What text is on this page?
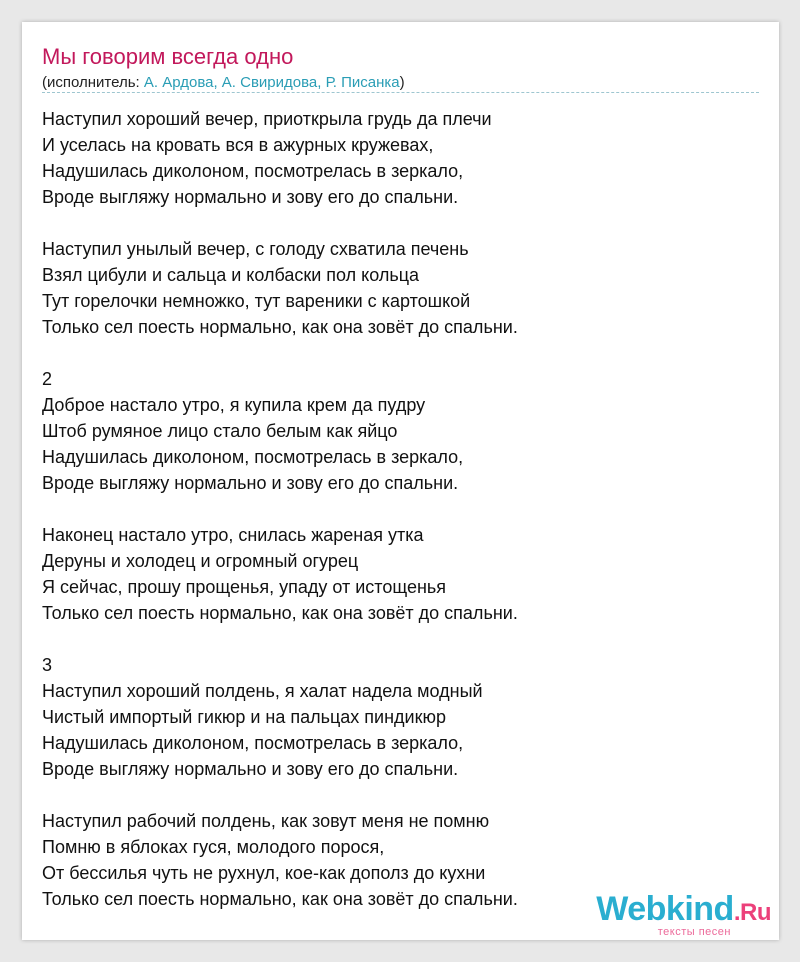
Мы говорим всегда одно
(исполнитель: А. Ардова, А. Свиридова, Р. Писанка)
Наступил хороший вечер, приоткрыла грудь да плечи
И уселась на кровать вся в ажурных кружевах,
Надушилась диколоном, посмотрелась в зеркало,
Вроде выгляжу нормально и зову его до спальни.
Наступил унылый вечер, с голоду схватила печень
Взял цибули и сальца и колбаски пол кольца
Тут горелочки немножко, тут вареники с картошкой
Только сел поесть нормально, как она зовёт до спальни.
2
Доброе настало утро, я купила крем да пудру
Штоб румяное лицо стало белым как яйцо
Надушилась диколоном, посмотрелась в зеркало,
Вроде выгляжу нормально и зову его до спальни.
Наконец настало утро, снилась жареная утка
Деруны и холодец и огромный огурец
Я сейчас, прошу прощенья, упаду от истощенья
Только сел поесть нормально, как она зовёт до спальни.
3
Наступил хороший полдень, я халат надела модный
Чистый импортый гикюр и на пальцах пиндикюр
Надушилась диколоном, посмотрелась в зеркало,
Вроде выгляжу нормально и зову его до спальни.
Наступил рабочий полдень, как зовут меня не помню
Помню в яблоках гуся, молодого порося,
От бессилья чуть не рухнул, кое-как дополз до кухни
Только сел поесть нормально, как она зовёт до спальни. Webkind.Ru
тексты песен
